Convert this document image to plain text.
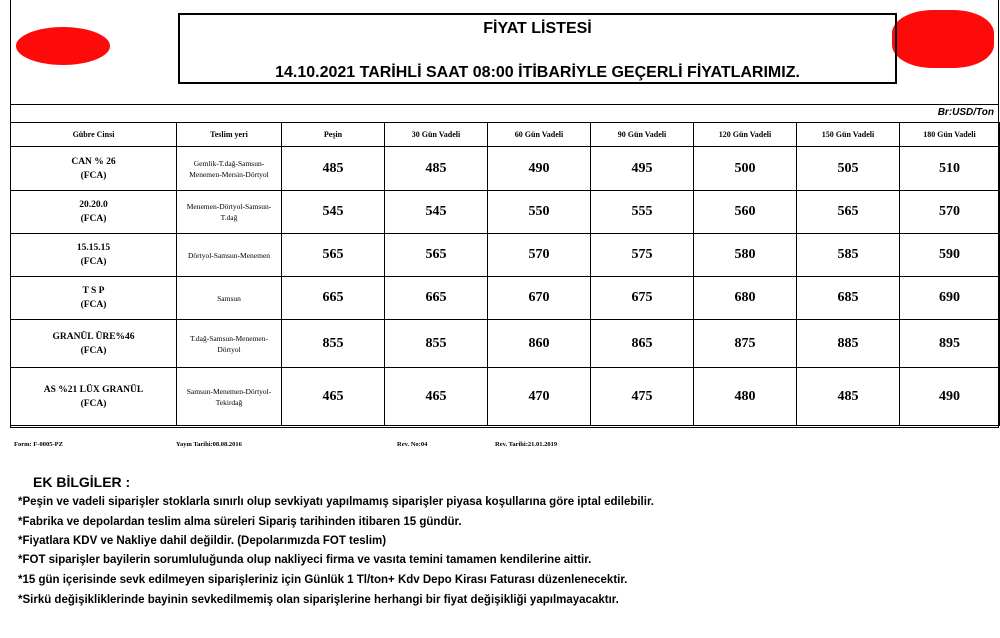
FİYAT LİSTESİ
14.10.2021 TARİHLİ SAAT 08:00 İTİBARİYLE GEÇERLİ FİYATLARIMIZ.
Br:USD/Ton
Gübre Cinsi	Teslim yeri	Peşin	30 Gün Vadeli	60 Gün Vadeli	90 Gün Vadeli	120 Gün Vadeli	150 Gün Vadeli	180 Gün Vadeli

CAN % 26
(FCA)	Gemlik-T.dağ-Samsun-Menemen-Mersin-Dörtyol	485	485	490	495	500	505	510

20.20.0
(FCA)	Menemen-Dörtyol-Samsun-T.dağ	545	545	550	555	560	565	570

15.15.15
(FCA)	Dörtyol-Samsun-Menemen	565	565	570	575	580	585	590

T S P
(FCA)	Samsun	665	665	670	675	680	685	690

GRANÜL ÜRE%46
(FCA)	T.dağ-Samsun-Menemen-Dörtyol	855	855	860	865	875	885	895

AS %21 LÜX GRANÜL
(FCA)	Samsun-Menemen-Dörtyol-Tekirdağ	465	465	470	475	480	485	490
Form: F-0005-PZ	Yayın Tarihi:08.08.2016	Rev. No:04	Rev. Tarihi:21.01.2019
EK BİLGİLER :
*Peşin ve vadeli siparişler stoklarla sınırlı olup sevkiyatı yapılmamış siparişler piyasa koşullarına göre iptal edilebilir.
*Fabrika ve depolardan teslim alma süreleri Sipariş tarihinden itibaren 15 gündür.
*Fiyatlara KDV ve Nakliye dahil değildir. (Depolarımızda FOT teslim)
*FOT siparişler bayilerin sorumluluğunda olup nakliyeci firma ve vasıta temini tamamen kendilerine aittir.
*15 gün içerisinde sevk edilmeyen siparişleriniz için Günlük 1 Tl/ton+ Kdv Depo Kirası Faturası düzenlenecektir.
*Sirkü değişikliklerinde bayinin sevkedilmemiş olan siparişlerine herhangi bir fiyat değişikliği yapılmayacaktır.
